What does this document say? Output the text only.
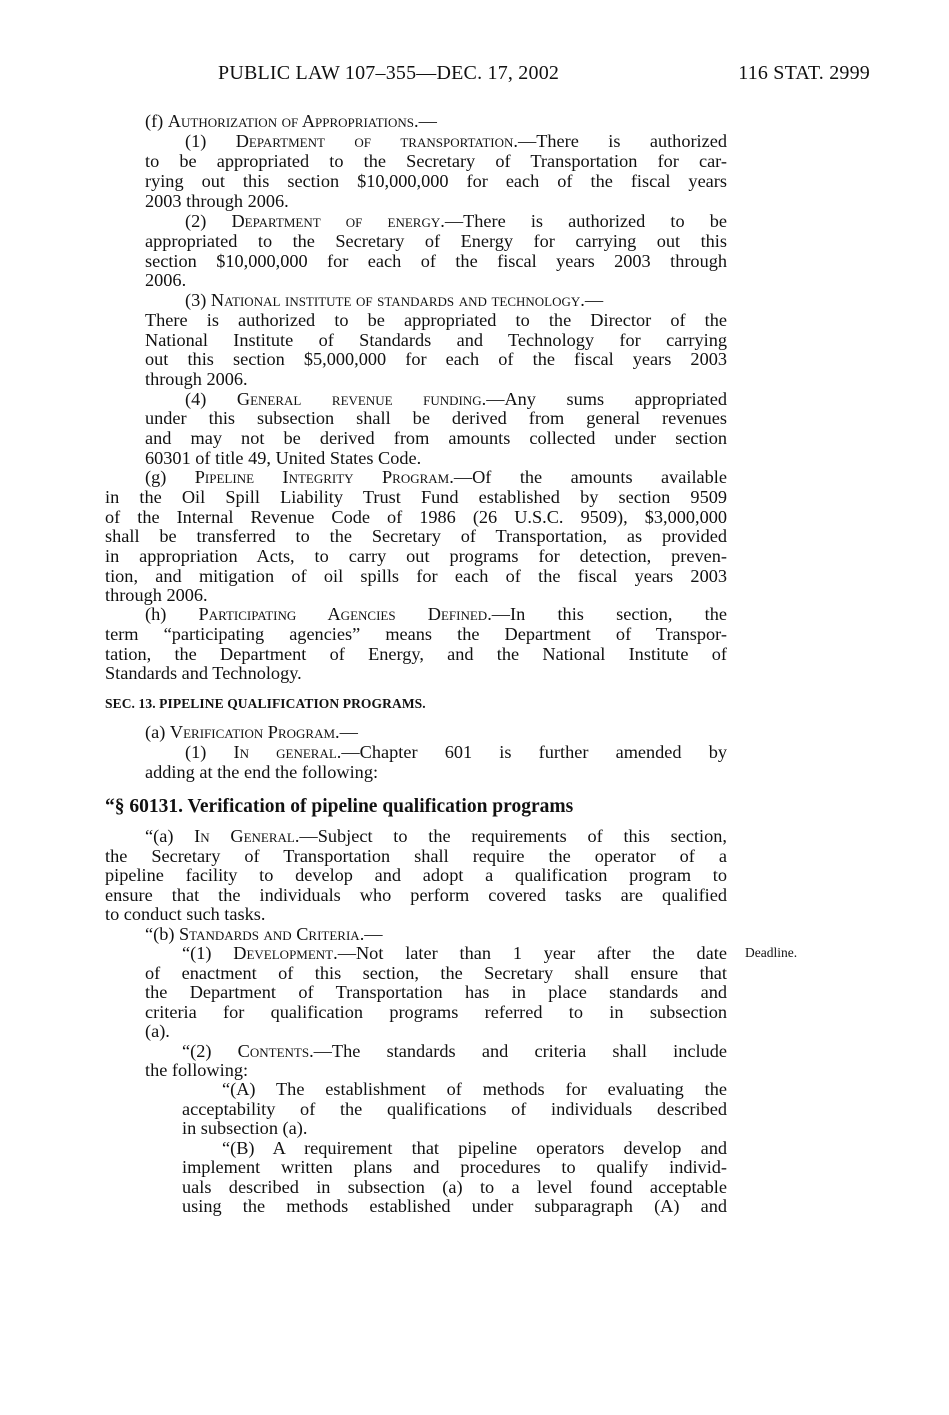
PUBLIC LAW 107–355—DEC. 17, 2002	116 STAT. 2999
(f) Authorization of Appropriations.—
(1) Department of transportation.—There is authorized
to be appropriated to the Secretary of Transportation for car-
rying out this section $10,000,000 for each of the fiscal years
2003 through 2006.
(2) Department of energy.—There is authorized to be
appropriated to the Secretary of Energy for carrying out this
section $10,000,000 for each of the fiscal years 2003 through
2006.
(3) National institute of standards and technology.—
There is authorized to be appropriated to the Director of the
National Institute of Standards and Technology for carrying
out this section $5,000,000 for each of the fiscal years 2003
through 2006.
(4) General revenue funding.—Any sums appropriated
under this subsection shall be derived from general revenues
and may not be derived from amounts collected under section
60301 of title 49, United States Code.
(g) Pipeline Integrity Program.—Of the amounts available
in the Oil Spill Liability Trust Fund established by section 9509
of the Internal Revenue Code of 1986 (26 U.S.C. 9509), $3,000,000
shall be transferred to the Secretary of Transportation, as provided
in appropriation Acts, to carry out programs for detection, preven-
tion, and mitigation of oil spills for each of the fiscal years 2003
through 2006.
(h) Participating Agencies Defined.—In this section, the
term “participating agencies” means the Department of Transpor-
tation, the Department of Energy, and the National Institute of
Standards and Technology.
SEC. 13. PIPELINE QUALIFICATION PROGRAMS.
(a) Verification Program.—
(1) In general.—Chapter 601 is further amended by
adding at the end the following:
“§ 60131. Verification of pipeline qualification programs
“(a) In General.—Subject to the requirements of this section,
the Secretary of Transportation shall require the operator of a
pipeline facility to develop and adopt a qualification program to
ensure that the individuals who perform covered tasks are qualified
to conduct such tasks.
“(b) Standards and Criteria.—
“(1) Development.—Not later than 1 year after the date
of enactment of this section, the Secretary shall ensure that
the Department of Transportation has in place standards and
criteria for qualification programs referred to in subsection
(a).
“(2) Contents.—The standards and criteria shall include
the following:
“(A) The establishment of methods for evaluating the
acceptability of the qualifications of individuals described
in subsection (a).
“(B) A requirement that pipeline operators develop and
implement written plans and procedures to qualify individ-
uals described in subsection (a) to a level found acceptable
using the methods established under subparagraph (A) and
Deadline.
